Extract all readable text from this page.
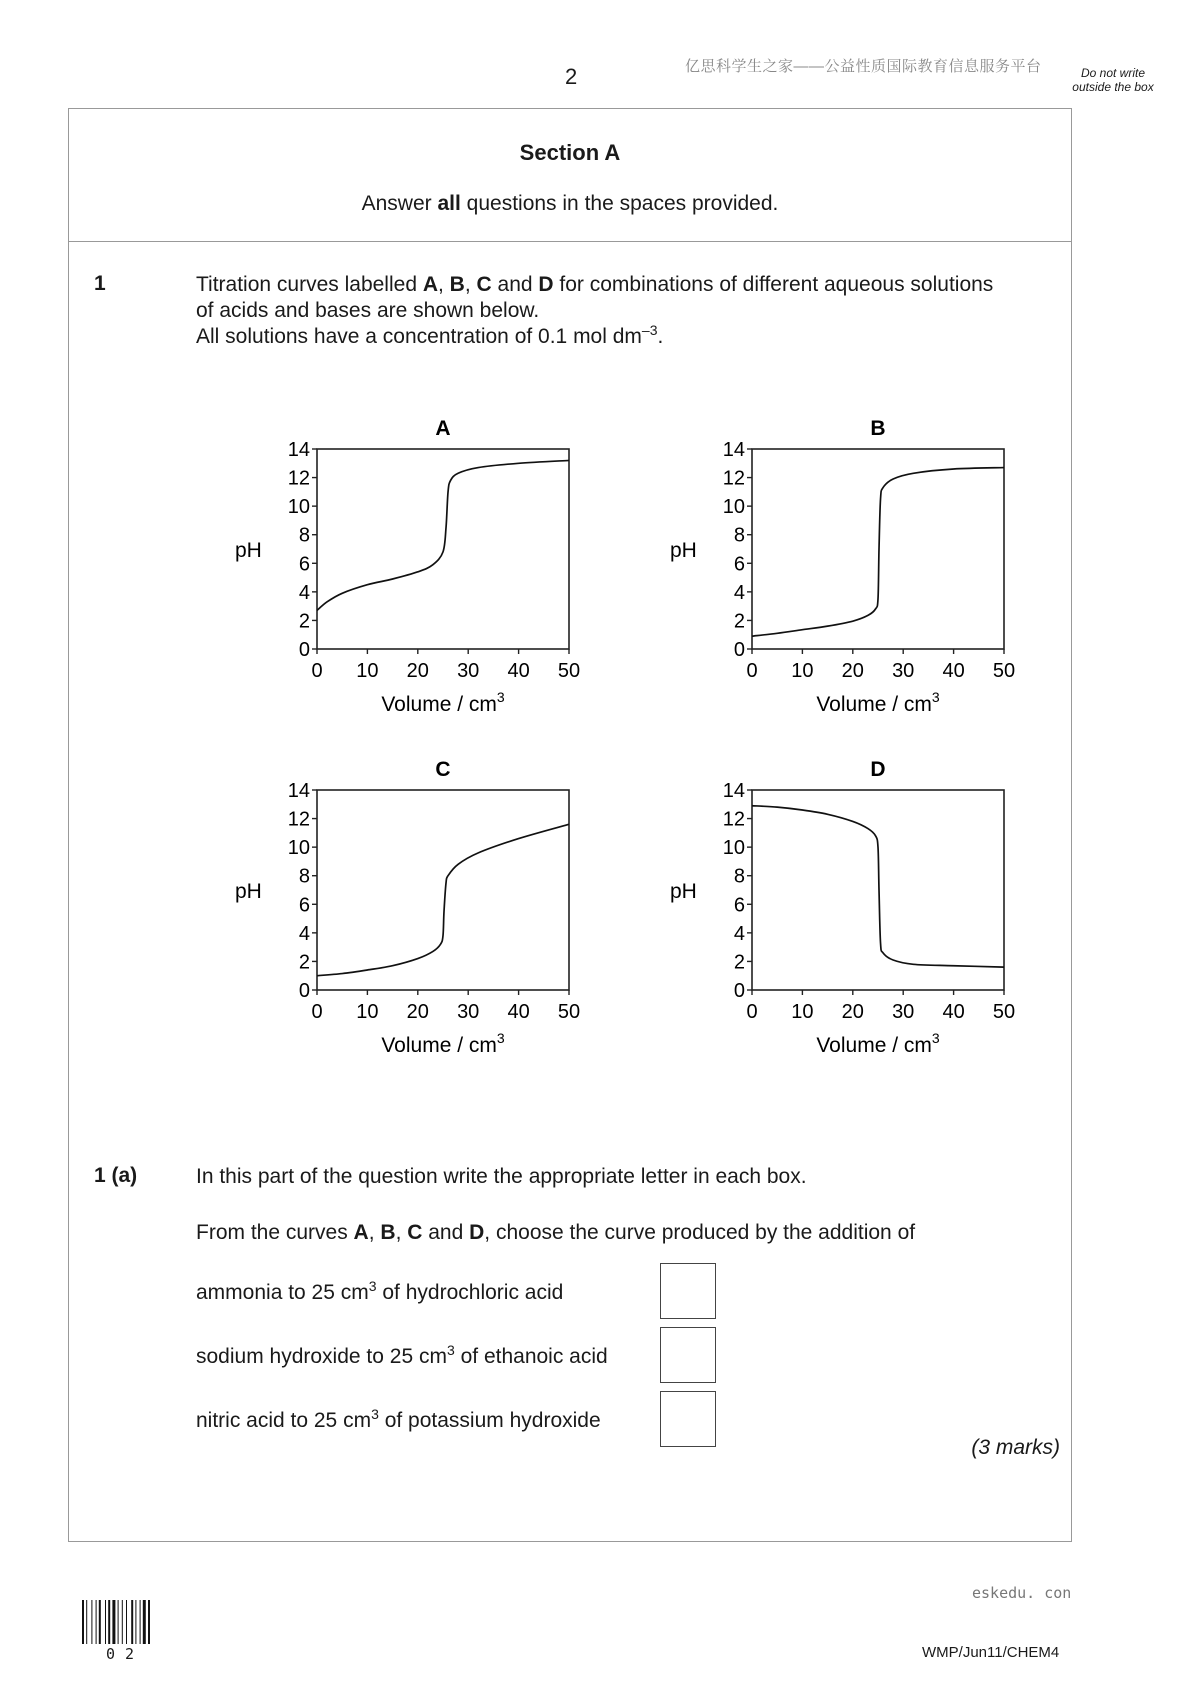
2	亿思科学生之家——公益性质国际教育信息服务平台	Do not write outside the box
Section A
Answer all questions in the spaces provided.
1	Titration curves labelled A, B, C and D for combinations of different aqueous solutions
of acids and bases are shown below.
All solutions have a concentration of 0.1 mol $dm^{-3}$.
A
0
2
4
6
8
10
12
14
0 10 20 30 40 50
pH
Volume / $cm^3$
B
0
2
4
6
8
10
12
14
0 10 20 30 40 50
pH
Volume / $cm^3$
C
0
2
4
6
8
10
12
14
0 10 20 30 40 50
pH
Volume / $cm^3$
D
0
2
4
6
8
10
12
14
0 10 20 30 40 50
pH
Volume / $cm^3$
1 (a)	In this part of the question write the appropriate letter in each box.
From the curves A, B, C and D, choose the curve produced by the addition of
ammonia to 25 $cm^3$ of hydrochloric acid
sodium hydroxide to 25 $cm^3$ of ethanoic acid
nitric acid to 25 $cm^3$ of potassium hydroxide
(3 marks)
eskedu. con
02	WMP/Jun11/CHEM4
